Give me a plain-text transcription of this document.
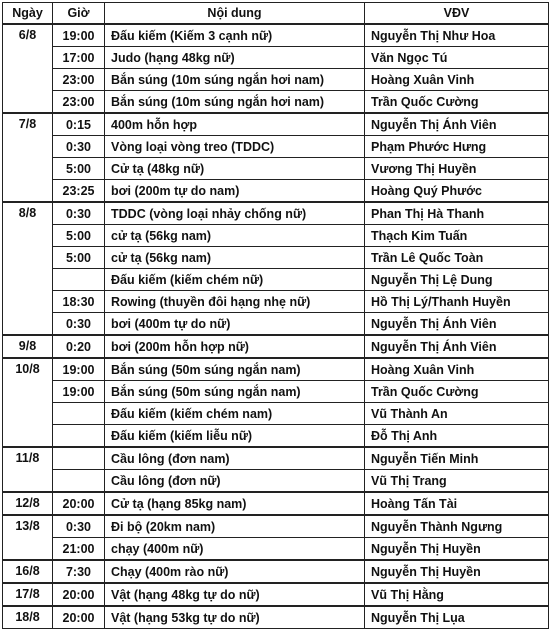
Ngày	Giờ	Nội dung	VĐV
6/8	19:00	Đấu kiếm (Kiếm 3 cạnh nữ)	Nguyễn Thị Như Hoa
	17:00	Judo (hạng 48kg nữ)	Văn Ngọc Tú
	23:00	Bắn súng (10m súng ngắn hơi nam)	Hoàng Xuân Vinh
	23:00	Bắn súng (10m súng ngắn hơi nam)	Trần Quốc Cường
7/8	0:15	400m hỗn hợp	Nguyễn Thị Ánh Viên
	0:30	Vòng loại vòng treo (TDDC)	Phạm Phước Hưng
	5:00	Cử tạ (48kg nữ)	Vương Thị Huyền
	23:25	bơi (200m tự do nam)	Hoàng Quý Phước
8/8	0:30	TDDC (vòng loại nhảy chống nữ)	Phan Thị Hà Thanh
	5:00	cử tạ (56kg nam)	Thạch Kim Tuấn
	5:00	cử tạ (56kg nam)	Trần Lê Quốc Toàn
		Đấu kiếm (kiếm chém nữ)	Nguyễn Thị Lệ Dung
	18:30	Rowing (thuyền đôi hạng nhẹ nữ)	Hồ Thị Lý/Thanh Huyền
	0:30	bơi (400m tự do nữ)	Nguyễn Thị Ánh Viên
9/8	0:20	bơi (200m hỗn hợp nữ)	Nguyễn Thị Ánh Viên
10/8	19:00	Bắn súng (50m súng ngắn nam)	Hoàng Xuân Vinh
	19:00	Bắn súng (50m súng ngắn nam)	Trần Quốc Cường
		Đấu kiếm (kiếm chém nam)	Vũ Thành An
		Đấu kiếm (kiếm liễu nữ)	Đỗ Thị Anh
11/8		Cầu lông (đơn nam)	Nguyễn Tiến Minh
		Cầu lông (đơn nữ)	Vũ Thị Trang
12/8	20:00	Cử tạ (hạng 85kg nam)	Hoàng Tấn Tài
13/8	0:30	Đi bộ (20km nam)	Nguyễn Thành Ngưng
	21:00	chạy (400m nữ)	Nguyễn Thị Huyền
16/8	7:30	Chạy (400m rào nữ)	Nguyễn Thị Huyền
17/8	20:00	Vật (hạng 48kg tự do nữ)	Vũ Thị Hằng
18/8	20:00	Vật (hạng 53kg tự do nữ)	Nguyễn Thị Lụa
